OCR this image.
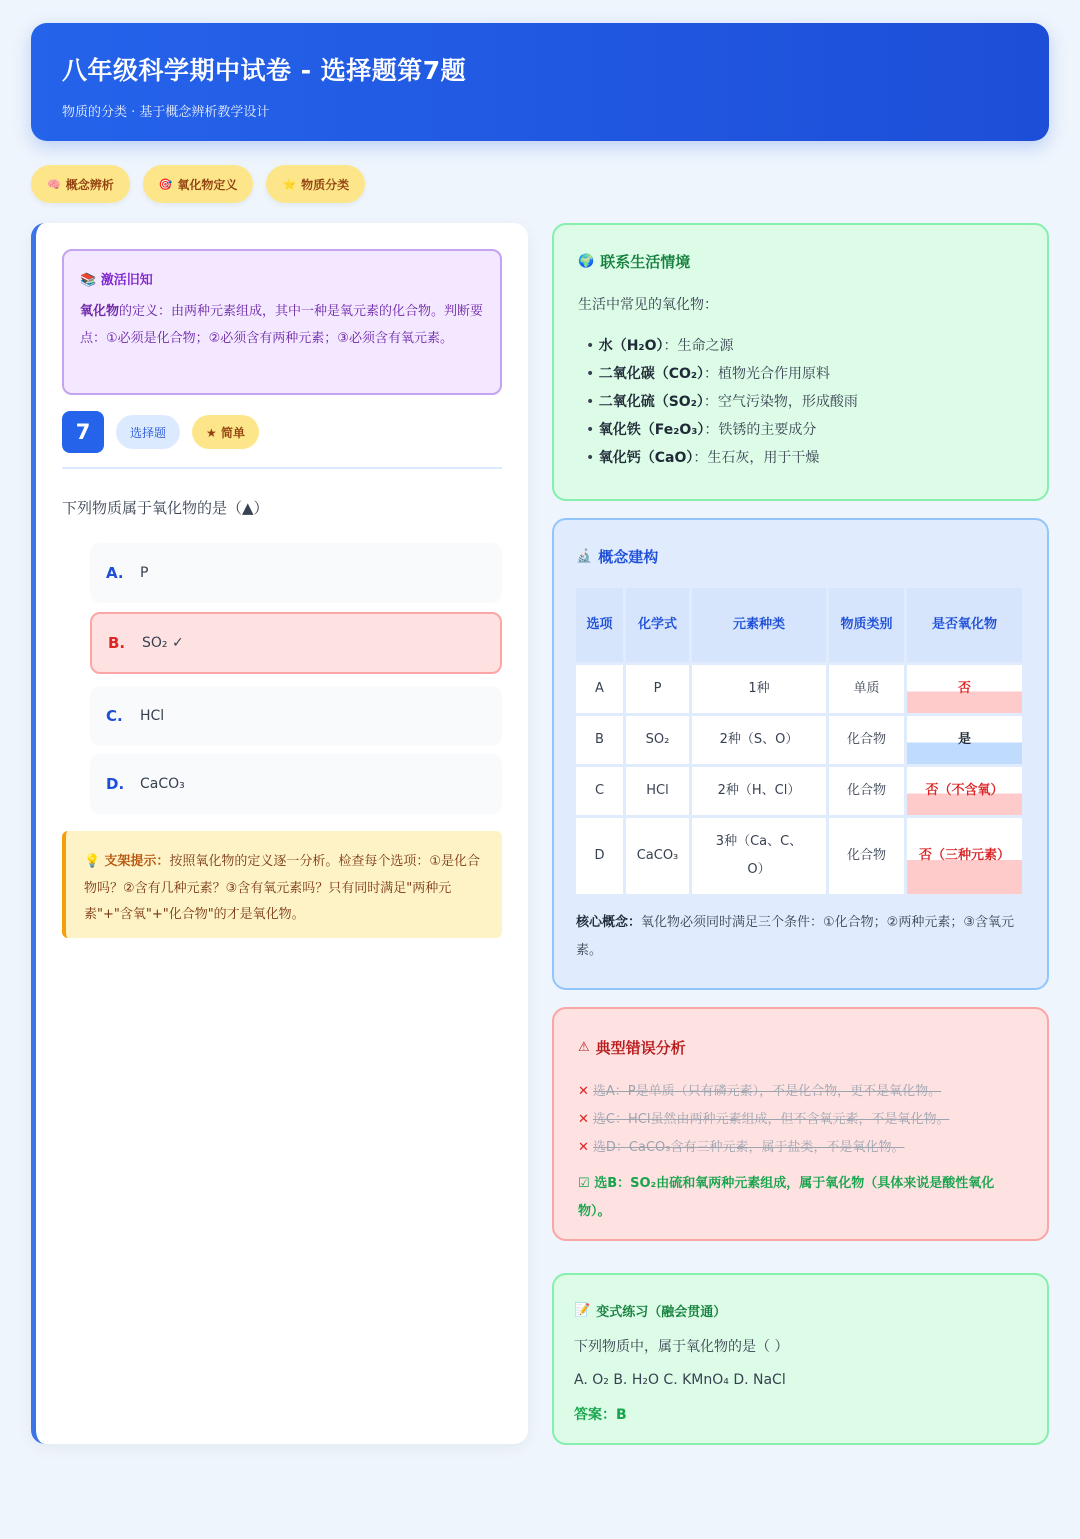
八年级科学期中试卷 - 选择题第7题
物质的分类 · 基于概念辨析教学设计
🧠 概念辨析	🎯 氧化物定义	⭐ 物质分类
📚 激活旧知
氧化物的定义：由两种元素组成，其中一种是氧元素的化合物。判断要点：①必须是化合物；②必须含有两种元素；③必须含有氧元素。
7	选择题	★ 简单
下列物质属于氧化物的是（▲）
A.	P
B.	SO₂ ✓
C.	HCl
D.	CaCO₃
💡 支架提示：按照氧化物的定义逐一分析。检查每个选项：①是化合物吗？②含有几种元素？③含有氧元素吗？只有同时满足"两种元素"+"含氧"+"化合物"的才是氧化物。
🌍 联系生活情境
生活中常见的氧化物：
• 水（H₂O）：生命之源
• 二氧化碳（CO₂）：植物光合作用原料
• 二氧化硫（SO₂）：空气污染物，形成酸雨
• 氧化铁（Fe₂O₃）：铁锈的主要成分
• 氧化钙（CaO）：生石灰，用于干燥
🔬 概念建构
选项	化学式	元素种类	物质类别	是否氧化物
A	P	1种	单质	否
B	SO₂	2种（S、O）	化合物	是
C	HCl	2种（H、Cl）	化合物	否（不含氧）
D	CaCO₃	3种（Ca、C、O）	化合物	否（三种元素）
核心概念：氧化物必须同时满足三个条件：①化合物；②两种元素；③含氧元素。
⚠ 典型错误分析
✕ 选A：P是单质（只有磷元素），不是化合物，更不是氧化物。
✕ 选C：HCl虽然由两种元素组成，但不含氧元素，不是氧化物。
✕ 选D：CaCO₃含有三种元素，属于盐类，不是氧化物。
☑ 选B：SO₂由硫和氧两种元素组成，属于氧化物（具体来说是酸性氧化物）。
📝 变式练习（融会贯通）
下列物质中，属于氧化物的是（ ）
A. O₂ B. H₂O C. KMnO₄ D. NaCl
答案：B
